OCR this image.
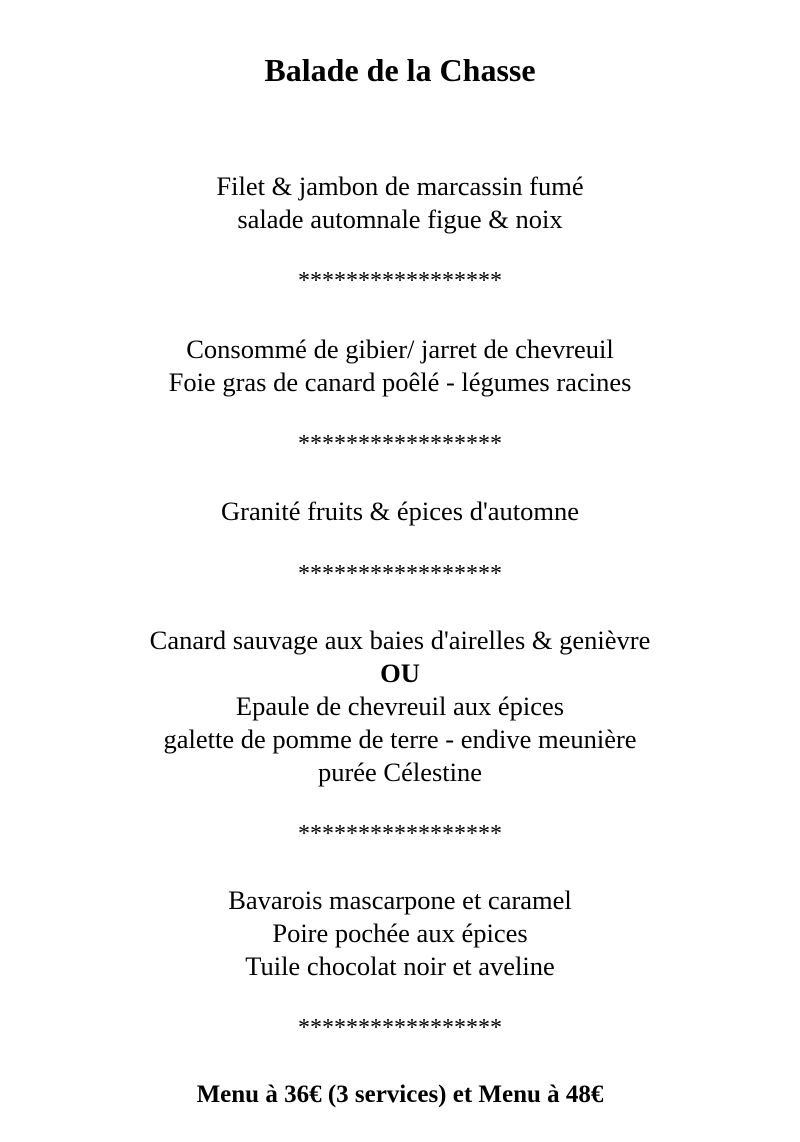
Balade de la Chasse
Filet & jambon de marcassin fumé
salade automnale figue & noix
*****************
Consommé de gibier/ jarret de chevreuil
Foie gras de canard poêlé - légumes racines
*****************
Granité fruits & épices d'automne
*****************
Canard sauvage aux baies d'airelles & genièvre
OU
Epaule de chevreuil aux épices
galette de pomme de terre - endive meunière
purée Célestine
*****************
Bavarois mascarpone et caramel
Poire pochée aux épices
Tuile chocolat noir et aveline
*****************
Menu à 36€ (3 services) et Menu à 48€
